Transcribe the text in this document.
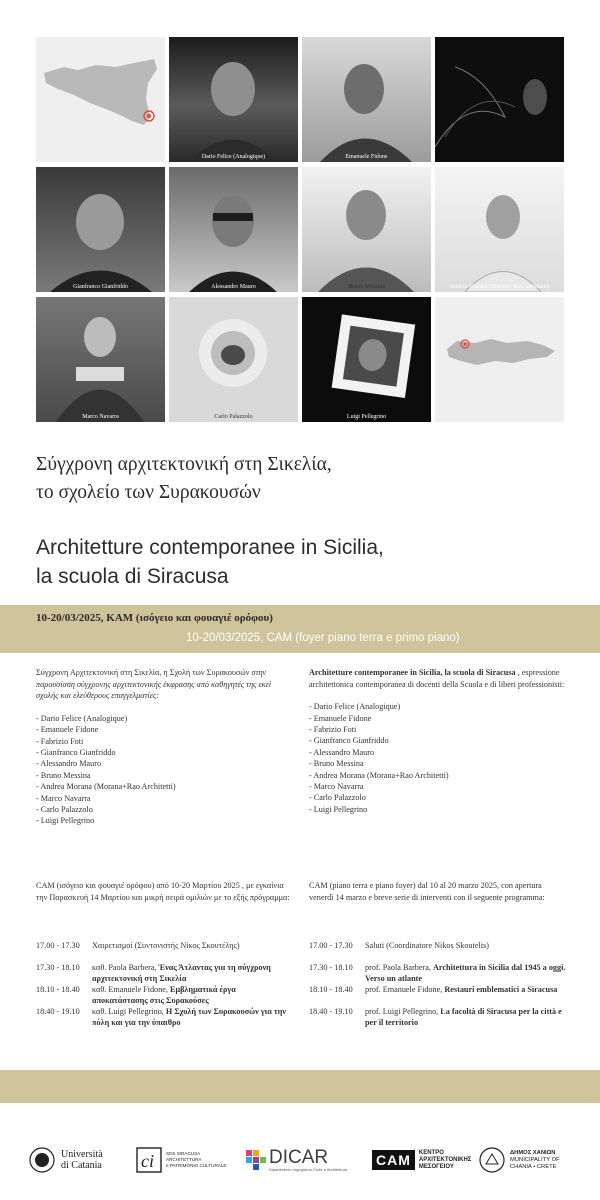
Dario Felice (Analogique)	Emanuele Fidone
Gianfranco Gianfriddo	Alessandro Mauro	Bruno Messina	Andrea Morana (Morana+Rao Architetti)
Marco Navarra	Carlo Palazzolo	Luigi Pellegrino
Σύγχρονη αρχιτεκτονική στη Σικελία,
το σχολείο των Συρακουσών
Architetture contemporanee in Sicilia,
la scuola di Siracusa
10-20/03/2025, ΚΑΜ (ισόγειο και φουαγιέ ορόφου)
10-20/03/2025, CAM (foyer piano terra e primo piano)
Σύγχρονη Αρχιτεκτονική στη Σικελία, η Σχολή των Συρακουσών στην παρουσίαση σύγχρονης αρχιτεκτονικής έκφρασης από καθηγητές της εκεί σχολής και ελεύθερους επαγγελματίες:
- Dario Felice (Analogique)
- Emanuele Fidone
- Fabrizio Foti
- Gianfranco Gianfriddo
- Alessandro Mauro
- Bruno Messina
- Andrea Morana (Morana+Rao Architetti)
- Marco Navarra
- Carlo Palazzolo
- Luigi Pellegrino
CAM (ισόγειο και φουαγιέ ορόφου) από 10-20 Μαρτίου 2025 , με εγκαίνια την Παρασκευή 14 Μαρτίου και μικρή σειρά ομιλιών με το εξής πρόγραμμα:
17.00 - 17.30 Χαιρετισμοί (Συντονιστής Νίκος Σκουτέλης)
17.30 - 18.10 καθ. Paola Barbera, Ένας Άτλαντας για τη σύγχρονη αρχιτεκτονική στη Σικελία
18.10 - 18.40 καθ. Emanuele Fidone, Εμβληματικά έργα αποκατάστασης στις Συρακούσες
18.40 - 19.10 καθ. Luigi Pellegrino, Η Σχολή των Συρακουσών για την πόλη και για την ύπαιθρο
Architetture contemporanee in Sicilia, la scuola di Siracusa , espressione architettonica contemporanea di docenti della Scuola e di liberi professionisti:
- Dario Felice (Analogique)
- Emanuele Fidone
- Fabrizio Foti
- Gianfranco Gianfriddo
- Alessandro Mauro
- Bruno Messina
- Andrea Morana (Morana+Rao Architetti)
- Marco Navarra
- Carlo Palazzolo
- Luigi Pellegrino
CAM (piano terra e piano foyer) dal 10 al 20 marzo 2025, con apertura venerdì 14 marzo e breve serie di interventi con il seguente programma:
17.00 - 17.30 Saluti (Coordinatore Nikos Skoutelis)
17.30 - 18.10 prof. Paola Barbera, Architettura in Sicilia dal 1945 a oggi. Verso un atlante
18.10 - 18.40 prof. Emanuele Fidone, Restauri emblematici a Siracusa
18.40 - 19.10 prof. Luigi Pellegrino, La facoltà di Siracusa per la città e per il territorio
Università
di Catania ci	SDS SIRACUSA
ARCHITETTURA
e PATRIMONIO CULTURALE DICAR
Dipartimento Ingegneria Civile e Architettura
CAM	ΚΕΝΤΡΟ
ΑΡΧΙΤΕΚΤΟΝΙΚΗΣ
ΜΕΣΟΓΕΙΟΥ
ΔΗΜΟΣ ΧΑΝΙΩΝ
MUNICIPALITY OF
CHANIA • CRETE
